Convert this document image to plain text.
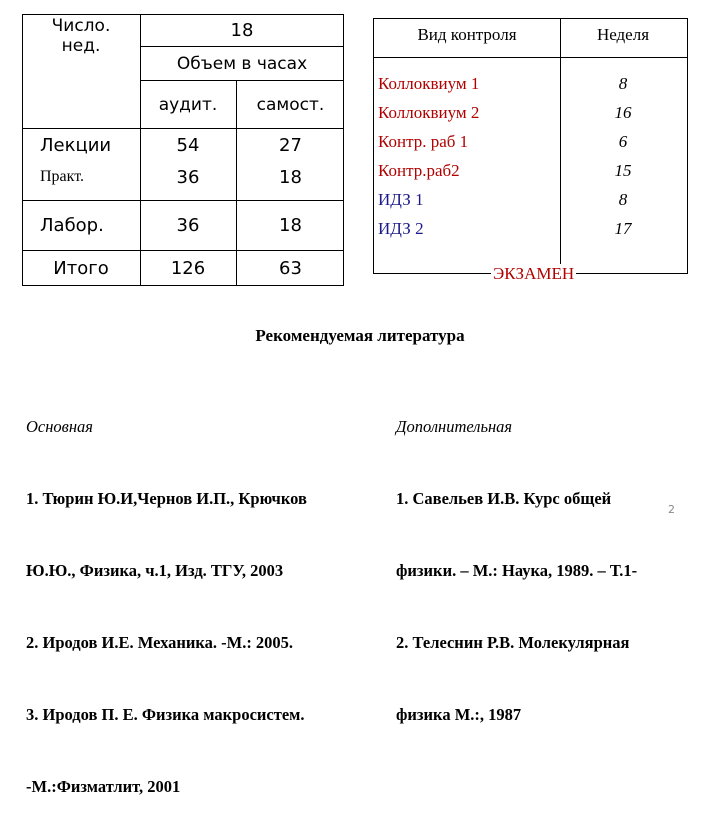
Число.
нед.
18
Объем в часах
аудит.	самост.
Лекции	54	27
Практ.	36	18
Лабор.	36	18
Итого	126	63
Вид контроля	Неделя
Коллоквиум 1	8
Коллоквиум 2	16
Контр. раб 1	6
Контр.раб2	15
ИДЗ 1	8
ИДЗ 2	17
ЭКЗАМЕН
Рекомендуемая литература

Основная

1. Тюрин Ю.И,Чернов И.П., Крючков

Ю.Ю., Физика, ч.1, Изд. ТГУ, 2003

2. Иродов И.Е. Механика. -М.: 2005.

3. Иродов П. Е. Физика макросистем.

-М.:Физматлит, 2001

Дополнительная

1. Савельев И.В. Курс общей

физики. – М.: Наука, 1989. – Т.1-

2. Телеснин Р.В. Молекулярная

физика М.:, 1987

2
